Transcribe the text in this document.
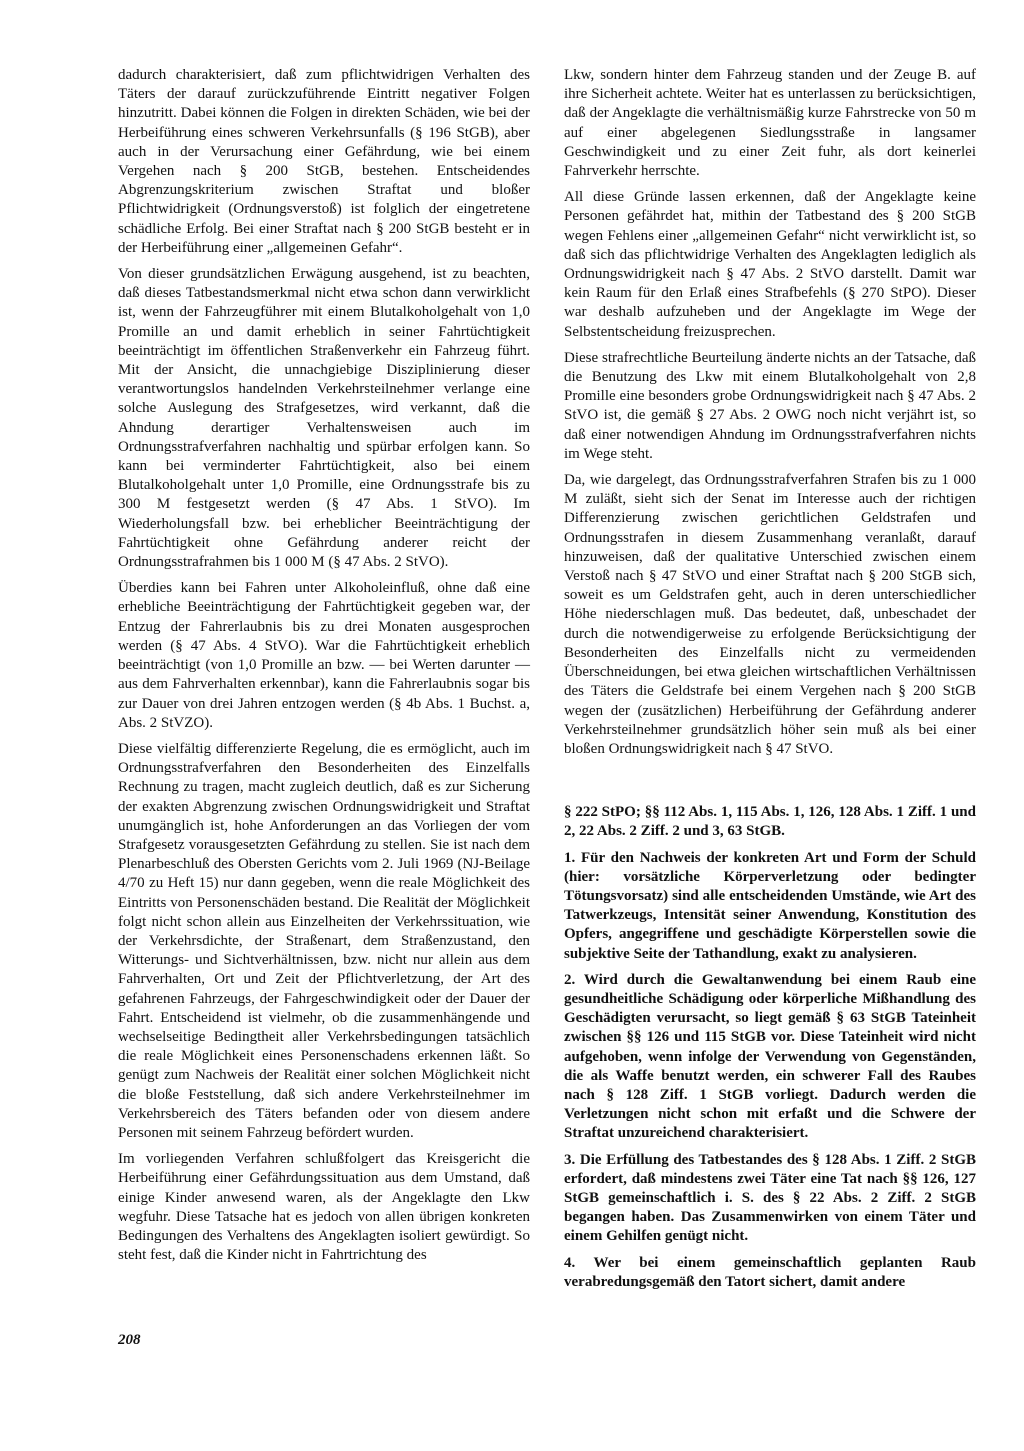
dadurch charakterisiert, daß zum pflichtwidrigen Verhalten des Täters der darauf zurückzuführende Eintritt negativer Folgen hinzutritt. Dabei können die Folgen in direkten Schäden, wie bei der Herbeiführung eines schweren Verkehrsunfalls (§ 196 StGB), aber auch in der Verursachung einer Gefährdung, wie bei einem Vergehen nach § 200 StGB, bestehen. Entscheidendes Abgrenzungskriterium zwischen Straftat und bloßer Pflichtwidrigkeit (Ordnungsverstoß) ist folglich der eingetretene schädliche Erfolg. Bei einer Straftat nach § 200 StGB besteht er in der Herbeiführung einer „allgemeinen Gefahr“.

Von dieser grundsätzlichen Erwägung ausgehend, ist zu beachten, daß dieses Tatbestandsmerkmal nicht etwa schon dann verwirklicht ist, wenn der Fahrzeugführer mit einem Blutalkoholgehalt von 1,0 Promille an und damit erheblich in seiner Fahrtüchtigkeit beeinträchtigt im öffentlichen Straßenverkehr ein Fahrzeug führt. Mit der Ansicht, die unnachgiebige Disziplinierung dieser verantwortungslos handelnden Verkehrsteilnehmer verlange eine solche Auslegung des Strafgesetzes, wird verkannt, daß die Ahndung derartiger Verhaltensweisen auch im Ordnungsstrafverfahren nachhaltig und spürbar erfolgen kann. So kann bei verminderter Fahrtüchtigkeit, also bei einem Blutalkoholgehalt unter 1,0 Promille, eine Ordnungsstrafe bis zu 300 M festgesetzt werden (§ 47 Abs. 1 StVO). Im Wiederholungsfall bzw. bei erheblicher Beeinträchtigung der Fahrtüchtigkeit ohne Gefährdung anderer reicht der Ordnungsstrafrahmen bis 1 000 M (§ 47 Abs. 2 StVO).

Überdies kann bei Fahren unter Alkoholeinfluß, ohne daß eine erhebliche Beeinträchtigung der Fahrtüchtigkeit gegeben war, der Entzug der Fahrerlaubnis bis zu drei Monaten ausgesprochen werden (§ 47 Abs. 4 StVO). War die Fahrtüchtigkeit erheblich beeinträchtigt (von 1,0 Promille an bzw. — bei Werten darunter — aus dem Fahrverhalten erkennbar), kann die Fahrerlaubnis sogar bis zur Dauer von drei Jahren entzogen werden (§ 4b Abs. 1 Buchst. a, Abs. 2 StVZO).

Diese vielfältig differenzierte Regelung, die es ermöglicht, auch im Ordnungsstrafverfahren den Besonderheiten des Einzelfalls Rechnung zu tragen, macht zugleich deutlich, daß es zur Sicherung der exakten Abgrenzung zwischen Ordnungswidrigkeit und Straftat unumgänglich ist, hohe Anforderungen an das Vorliegen der vom Strafgesetz vorausgesetzten Gefährdung zu stellen. Sie ist nach dem Plenarbeschluß des Obersten Gerichts vom 2. Juli 1969 (NJ-Beilage 4/70 zu Heft 15) nur dann gegeben, wenn die reale Möglichkeit des Eintritts von Personenschäden bestand. Die Realität der Möglichkeit folgt nicht schon allein aus Einzelheiten der Verkehrssituation, wie der Verkehrsdichte, der Straßenart, dem Straßenzustand, den Witterungs- und Sichtverhältnissen, bzw. nicht nur allein aus dem Fahrverhalten, Ort und Zeit der Pflichtverletzung, der Art des gefahrenen Fahrzeugs, der Fahrgeschwindigkeit oder der Dauer der Fahrt. Entscheidend ist vielmehr, ob die zusammenhängende und wechselseitige Bedingtheit aller Verkehrsbedingungen tatsächlich die reale Möglichkeit eines Personenschadens erkennen läßt. So genügt zum Nachweis der Realität einer solchen Möglichkeit nicht die bloße Feststellung, daß sich andere Verkehrsteilnehmer im Verkehrsbereich des Täters befanden oder von diesem andere Personen mit seinem Fahrzeug befördert wurden.

Im vorliegenden Verfahren schlußfolgert das Kreisgericht die Herbeiführung einer Gefährdungssituation aus dem Umstand, daß einige Kinder anwesend waren, als der Angeklagte den Lkw wegfuhr. Diese Tatsache hat es jedoch von allen übrigen konkreten Bedingungen des Verhaltens des Angeklagten isoliert gewürdigt. So steht fest, daß die Kinder nicht in Fahrtrichtung des

Lkw, sondern hinter dem Fahrzeug standen und der Zeuge B. auf ihre Sicherheit achtete. Weiter hat es unterlassen zu berücksichtigen, daß der Angeklagte die verhältnismäßig kurze Fahrstrecke von 50 m auf einer abgelegenen Siedlungsstraße in langsamer Geschwindigkeit und zu einer Zeit fuhr, als dort keinerlei Fahrverkehr herrschte.

All diese Gründe lassen erkennen, daß der Angeklagte keine Personen gefährdet hat, mithin der Tatbestand des § 200 StGB wegen Fehlens einer „allgemeinen Gefahr“ nicht verwirklicht ist, so daß sich das pflichtwidrige Verhalten des Angeklagten lediglich als Ordnungswidrigkeit nach § 47 Abs. 2 StVO darstellt. Damit war kein Raum für den Erlaß eines Strafbefehls (§ 270 StPO). Dieser war deshalb aufzuheben und der Angeklagte im Wege der Selbstentscheidung freizusprechen.

Diese strafrechtliche Beurteilung änderte nichts an der Tatsache, daß die Benutzung des Lkw mit einem Blutalkoholgehalt von 2,8 Promille eine besonders grobe Ordnungswidrigkeit nach § 47 Abs. 2 StVO ist, die gemäß § 27 Abs. 2 OWG noch nicht verjährt ist, so daß einer notwendigen Ahndung im Ordnungsstrafverfahren nichts im Wege steht.

Da, wie dargelegt, das Ordnungsstrafverfahren Strafen bis zu 1 000 M zuläßt, sieht sich der Senat im Interesse auch der richtigen Differenzierung zwischen gerichtlichen Geldstrafen und Ordnungsstrafen in diesem Zusammenhang veranlaßt, darauf hinzuweisen, daß der qualitative Unterschied zwischen einem Verstoß nach § 47 StVO und einer Straftat nach § 200 StGB sich, soweit es um Geldstrafen geht, auch in deren unterschiedlicher Höhe niederschlagen muß. Das bedeutet, daß, unbeschadet der durch die notwendigerweise zu erfolgende Berücksichtigung der Besonderheiten des Einzelfalls nicht zu vermeidenden Überschneidungen, bei etwa gleichen wirtschaftlichen Verhältnissen des Täters die Geldstrafe bei einem Vergehen nach § 200 StGB wegen der (zusätzlichen) Herbeiführung der Gefährdung anderer Verkehrsteilnehmer grundsätzlich höher sein muß als bei einer bloßen Ordnungswidrigkeit nach § 47 StVO.

§ 222 StPO; §§ 112 Abs. 1, 115 Abs. 1, 126, 128 Abs. 1 Ziff. 1 und 2, 22 Abs. 2 Ziff. 2 und 3, 63 StGB.

1. Für den Nachweis der konkreten Art und Form der Schuld (hier: vorsätzliche Körperverletzung oder bedingter Tötungsvorsatz) sind alle entscheidenden Umstände, wie Art des Tatwerkzeugs, Intensität seiner Anwendung, Konstitution des Opfers, angegriffene und geschädigte Körperstellen sowie die subjektive Seite der Tathandlung, exakt zu analysieren.

2. Wird durch die Gewaltanwendung bei einem Raub eine gesundheitliche Schädigung oder körperliche Mißhandlung des Geschädigten verursacht, so liegt gemäß § 63 StGB Tateinheit zwischen §§ 126 und 115 StGB vor. Diese Tateinheit wird nicht aufgehoben, wenn infolge der Verwendung von Gegenständen, die als Waffe benutzt werden, ein schwerer Fall des Raubes nach § 128 Ziff. 1 StGB vorliegt. Dadurch werden die Verletzungen nicht schon mit erfaßt und die Schwere der Straftat unzureichend charakterisiert.

3. Die Erfüllung des Tatbestandes des § 128 Abs. 1 Ziff. 2 StGB erfordert, daß mindestens zwei Täter eine Tat nach §§ 126, 127 StGB gemeinschaftlich i. S. des § 22 Abs. 2 Ziff. 2 StGB begangen haben. Das Zusammenwirken von einem Täter und einem Gehilfen genügt nicht.

4. Wer bei einem gemeinschaftlich geplanten Raub verabredungsgemäß den Tatort sichert, damit andere

208
